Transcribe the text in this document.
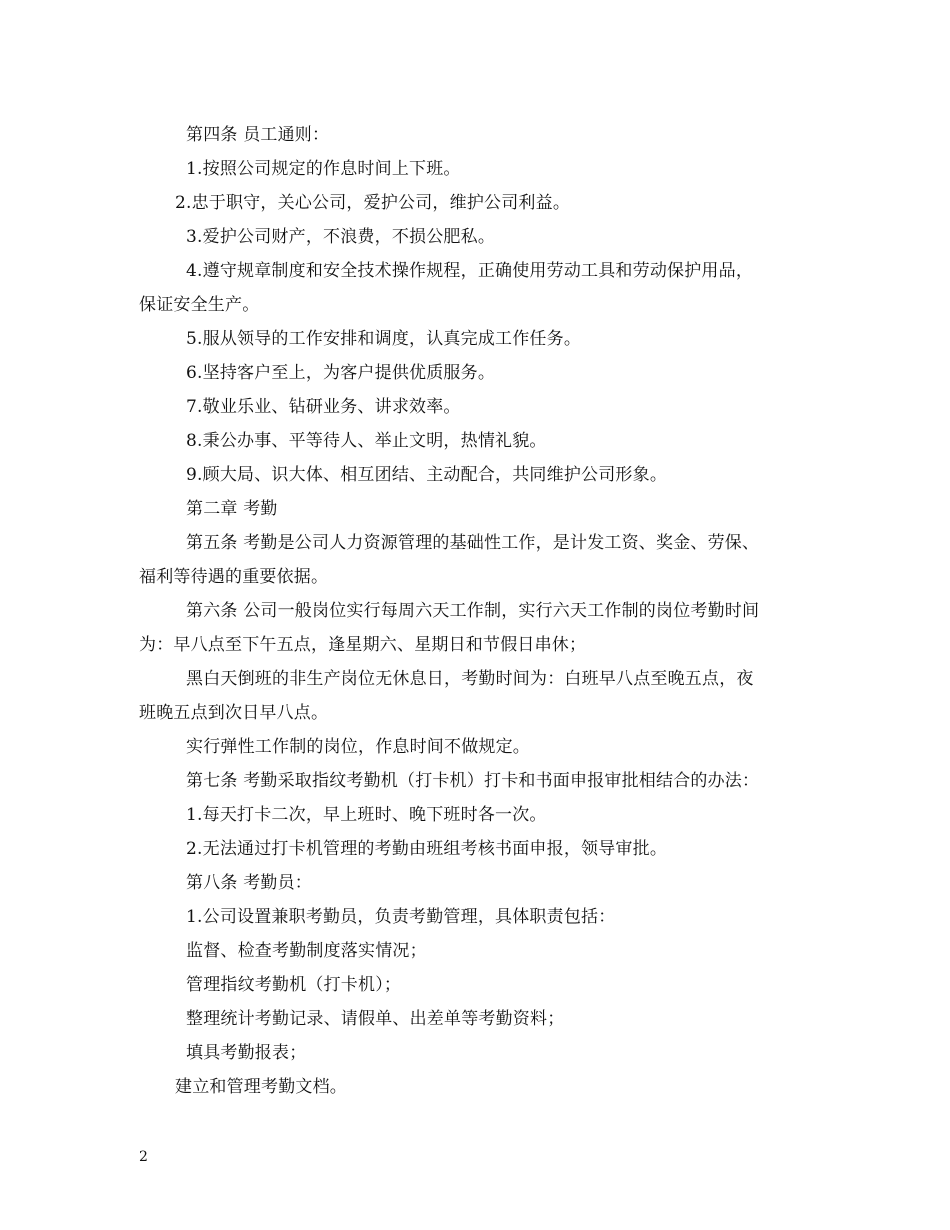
第四条 员工通则：
1.按照公司规定的作息时间上下班。
2.忠于职守，关心公司，爱护公司，维护公司利益。
3.爱护公司财产，不浪费，不损公肥私。
4.遵守规章制度和安全技术操作规程，正确使用劳动工具和劳动保护用品，
保证安全生产。
5.服从领导的工作安排和调度，认真完成工作任务。
6.坚持客户至上，为客户提供优质服务。
7.敬业乐业、钻研业务、讲求效率。
8.秉公办事、平等待人、举止文明，热情礼貌。
9.顾大局、识大体、相互团结、主动配合，共同维护公司形象。
第二章 考勤
第五条 考勤是公司人力资源管理的基础性工作，是计发工资、奖金、劳保、
福利等待遇的重要依据。
第六条 公司一般岗位实行每周六天工作制，实行六天工作制的岗位考勤时间
为：早八点至下午五点，逢星期六、星期日和节假日串休；
黑白天倒班的非生产岗位无休息日，考勤时间为：白班早八点至晚五点，夜
班晚五点到次日早八点。
实行弹性工作制的岗位，作息时间不做规定。
第七条 考勤采取指纹考勤机（打卡机）打卡和书面申报审批相结合的办法：
1.每天打卡二次，早上班时、晚下班时各一次。
2.无法通过打卡机管理的考勤由班组考核书面申报，领导审批。
第八条 考勤员：
1.公司设置兼职考勤员，负责考勤管理，具体职责包括：
监督、检查考勤制度落实情况；
管理指纹考勤机（打卡机）；
整理统计考勤记录、请假单、出差单等考勤资料；
填具考勤报表；
建立和管理考勤文档。
2
